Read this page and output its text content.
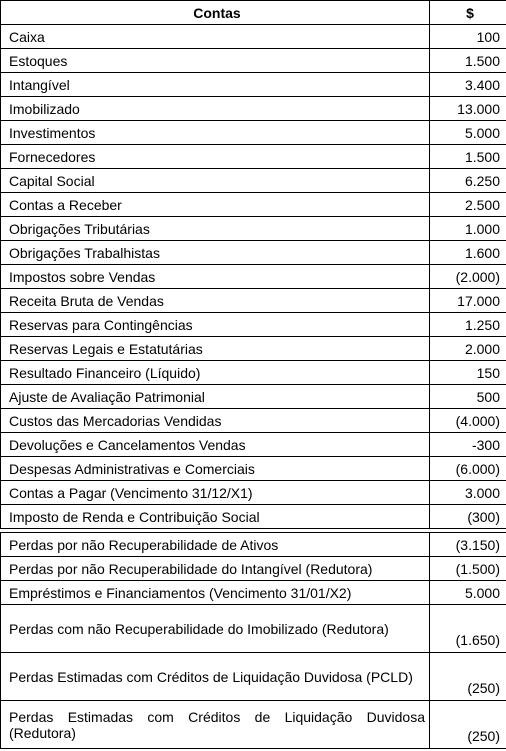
Contas	$
Caixa	100
Estoques	1.500
Intangível	3.400
Imobilizado	13.000
Investimentos	5.000
Fornecedores	1.500
Capital Social	6.250
Contas a Receber	2.500
Obrigações Tributárias	1.000
Obrigações Trabalhistas	1.600
Impostos sobre Vendas	(2.000)
Receita Bruta de Vendas	17.000
Reservas para Contingências	1.250
Reservas Legais e Estatutárias	2.000
Resultado Financeiro (Líquido)	150
Ajuste de Avaliação Patrimonial	500
Custos das Mercadorias Vendidas	(4.000)
Devoluções e Cancelamentos Vendas	-300
Despesas Administrativas e Comerciais	(6.000)
Contas a Pagar (Vencimento 31/12/X1)	3.000
Imposto de Renda e Contribuição Social	(300)

Perdas por não Recuperabilidade de Ativos	(3.150)
Perdas por não Recuperabilidade do Intangível (Redutora)	(1.500)
Empréstimos e Financiamentos (Vencimento 31/01/X2)	5.000
Perdas com não Recuperabilidade do Imobilizado (Redutora)	(1.650)
Perdas Estimadas com Créditos de Liquidação Duvidosa (PCLD)	(250)
Perdas Estimadas com Créditos de Liquidação Duvidosa (Redutora)	(250)
